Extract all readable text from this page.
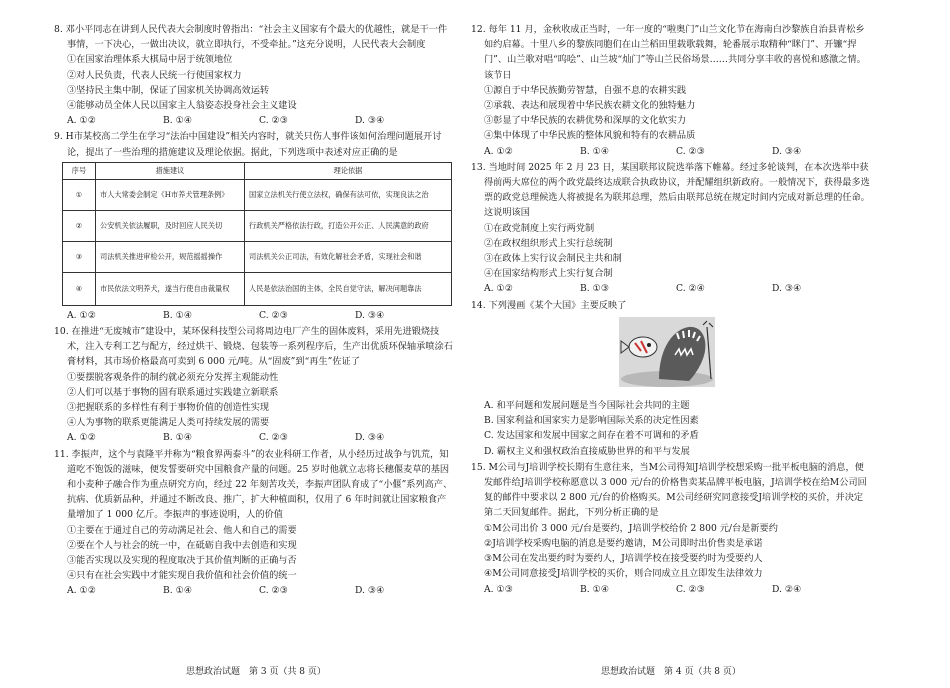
8. 邓小平同志在讲到人民代表大会制度时曾指出：“社会主义国家有个最大的优越性，就是干一件事情，一下决心，一做出决议，就立即执行，不受牵扯。”这充分说明，人民代表大会制度

①在国家治理体系大棋局中居于统领地位

②对人民负责，代表人民统一行使国家权力

③坚持民主集中制，保证了国家机关协调高效运转

④能够动员全体人民以国家主人翁姿态投身社会主义建设

A. ①②	B. ①④	C. ②③	D. ③④

9. H市某校高二学生在学习“法治中国建设”相关内容时，就关只伤人事件该如何治理问题展开讨论，提出了一些治理的措施建议及理论依据。据此，下列选项中表述对应正确的是

序号	措施建议	理论依据
①	市人大常委会制定《H市养犬管理条例》	国家立法机关行使立法权，确保有法可依，实现良法之治
②	公安机关依法履职，及时回应人民关切	行政机关严格依法行政，打造公开公正、人民满意的政府
③	司法机关推进审检公开，规范摇摇操作	司法机关公正司法，有效化解社会矛盾，实现社会和谐
④	市民依法文明养犬，遂当行使自由裁量权	人民是依法治国的主体，全民自觉守法，解决问题靠法
A. ①②	B. ①④	C. ②③	D. ③④

10. 在推进“无废城市”建设中，某环保科技型公司将周边电厂产生的固体废料，采用先进锻烧技术，注入专利工艺与配方，经过烘干、锻烧、包装等一系列程序后，生产出优质环保轴承喷涂石膏材料，其市场价格最高可卖到 6 000 元/吨。从“固废”到“再生”佐证了

①要摆脱客观条件的制约就必须充分发挥主观能动性

②人们可以基于事物的固有联系通过实践建立新联系

③把握联系的多样性有利于事物价值的创造性实现

④人为事物的联系更能满足人类可持续发展的需要

A. ①②	B. ①④	C. ②③	D. ③④

11. 李振声，这个与袁隆平并称为“粮食界两泰斗”的农业科研工作者，从小经历过战争与饥荒，知道吃不饱饭的滋味，便发誓要研究中国粮食产量的问题。25 岁时他就立志将长穗偃麦草的基因和小麦种子融合作为重点研究方向，经过 22 年刻苦攻关，李振声团队育成了“小偃”系列高产、抗病、优质新品种，并通过不断改良、推广，扩大种植面积，仅用了 6 年时间就让国家粮食产量增加了 1 000 亿斤。李振声的事迹说明，人的价值

①主要在于通过自己的劳动满足社会、他人和自己的需要

②要在个人与社会的统一中，在砥砺自我中去创造和实现

③能否实现以及实现的程度取决于其价值判断的正确与否

④只有在社会实践中才能实现自我价值和社会价值的统一

A. ①②	B. ①④	C. ②③	D. ③④

12. 每年 11 月，金秋收成正当时，一年一度的“啦奥门”山兰文化节在海南白沙黎族自治县青松乡如约启幕。十里八乡的黎族同胞们在山兰稻田里载歌载舞，轮番展示取精种“眯门”、开镰“捍门”、山兰歌对唱“呜哙”、山兰坡“灿门”等山兰民俗场景……共同分享丰收的喜悦和感激之情。该节日

①源自于中华民族勤劳智慧，自强不息的农耕实践

②承载、表达和展现着中华民族农耕文化的独特魅力

③彰显了中华民族的农耕优势和深厚的文化软实力

④集中体现了中华民族的整体风貌和特有的农耕品质

A. ①②	B. ①④	C. ②③	D. ③④

13. 当地时间 2025 年 2 月 23 日，某国联邦议院选举落下帷幕。经过多轮谈判，在本次选举中获得前两大席位的两个政党最终达成联合执政协议，并配耀组织新政府。一般情况下，获得最多选票的政党总理候选人将被提名为联邦总理，然后由联邦总统在规定时间内完成对新总理的任命。这说明该国

①在政党制度上实行两党制

②在政权组织形式上实行总统制

③在政体上实行议会制民主共和制

④在国家结构形式上实行复合制

A. ①②	B. ①③	C. ②④	D. ③④

14. 下列漫画《某个大国》主要反映了

A. 和平问题和发展问题是当今国际社会共同的主题

B. 国家利益和国家实力是影响国际关系的决定性因素

C. 发达国家和发展中国家之间存在着不可调和的矛盾

D. 霸权主义和强权政治直接威胁世界的和平与发展

15. M公司与J培训学校长期有生意往来，当M公司得知J培训学校想采购一批平板电脑的消息，便发邮件给J培训学校称愿意以 3 000 元/台的价格售卖某品牌平板电脑，J培训学校在给M公司回复的邮件中要求以 2 800 元/台的价格购买。M公司经研究同意接受J培训学校的买价，并决定第二天回复邮件。据此，下列分析正确的是

①M公司出价 3 000 元/台是要约，J培训学校给价 2 800 元/台是新要约

②J培训学校采购电脑的消息是要约邀请，M公司即时出价售卖是承诺

③M公司在发出要约时为要约人，J培训学校在接受要约时为受要约人

④M公司同意接受J培训学校的买价，则合同成立且立即发生法律效力

A. ①③	B. ①④	C. ②③	D. ②④
思想政治试题　第 3 页（共 8 页）	思想政治试题　第 4 页（共 8 页）
